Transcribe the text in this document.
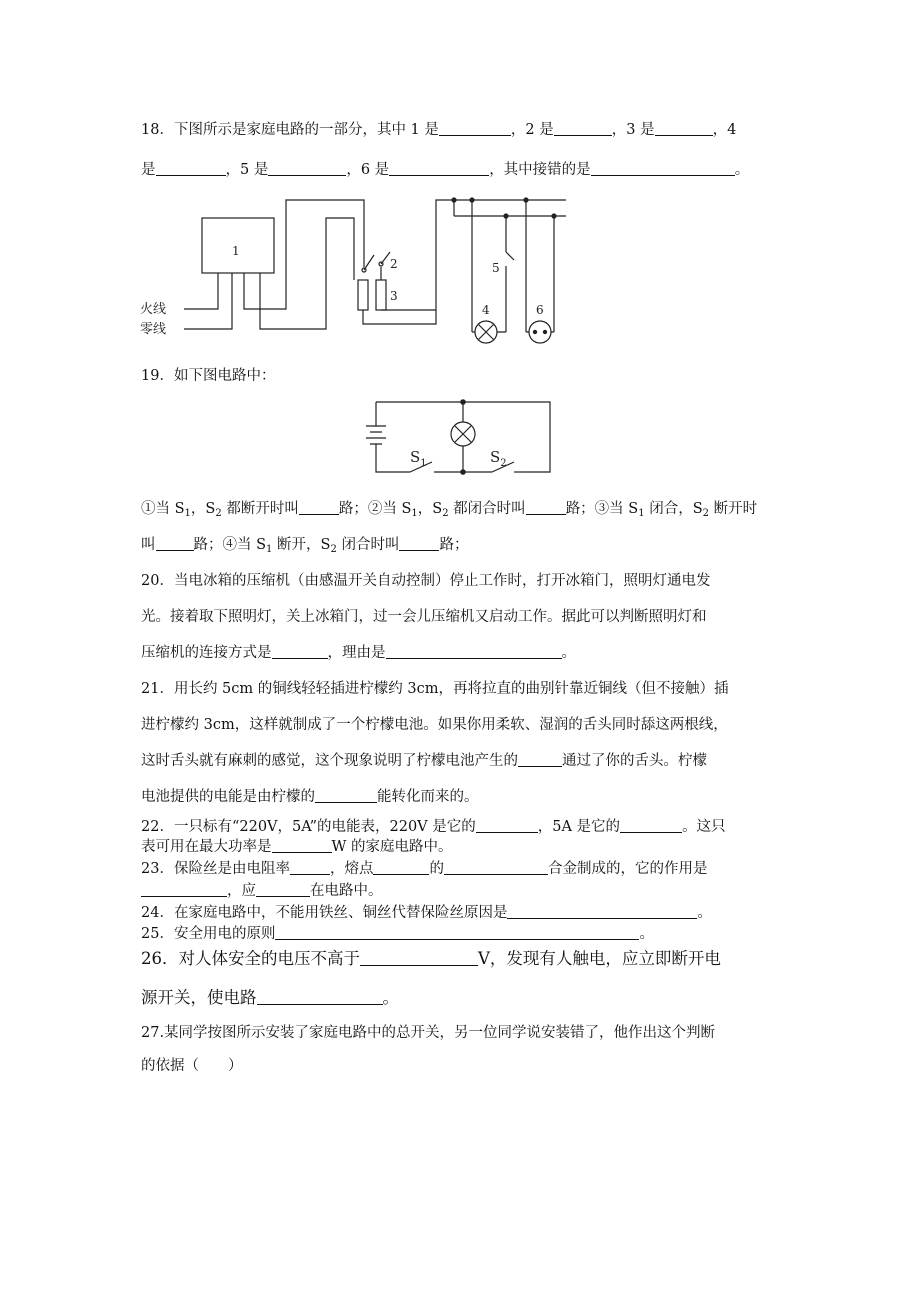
18．下图所示是家庭电路的一部分，其中 1 是	，2 是	，3 是	，4
是	，5 是	，6 是	，其中接错的是	。
火线
零线
1
2
3
5
4	6
19．如下图电路中：
$S_1$	$S_2$
①当 $S_1$，$S_2$ 都断开时叫	路；②当 $S_1$，$S_2$ 都闭合时叫	路；③当 $S_1$ 闭合，$S_2$ 断开时
叫	路；④当 $S_1$ 断开，$S_2$ 闭合时叫	路；
20．当电冰箱的压缩机（由感温开关自动控制）停止工作时，打开冰箱门，照明灯通电发
光。接着取下照明灯，关上冰箱门，过一会儿压缩机又启动工作。据此可以判断照明灯和
压缩机的连接方式是	，理由是	。
21．用长约 5cm 的铜线轻轻插进柠檬约 3cm，再将拉直的曲别针靠近铜线（但不接触）插
进柠檬约 3cm，这样就制成了一个柠檬电池。如果你用柔软、湿润的舌头同时舔这两根线，
这时舌头就有麻刺的感觉，这个现象说明了柠檬电池产生的	通过了你的舌头。柠檬
电池提供的电能是由柠檬的	能转化而来的。
22．一只标有“220V，5A”的电能表，220V 是它的	，5A 是它的	。这只
表可用在最大功率是	W 的家庭电路中。
23．保险丝是由电阻率	，熔点	的	合金制成的，它的作用是
，应	在电路中。
24．在家庭电路中，不能用铁丝、铜丝代替保险丝原因是	。
25．安全用电的原则	。
26．对人体安全的电压不高于	V，发现有人触电，应立即断开电
源开关，使电路	。
27.某同学按图所示安装了家庭电路中的总开关，另一位同学说安装错了，他作出这个判断
的依据（　　）
